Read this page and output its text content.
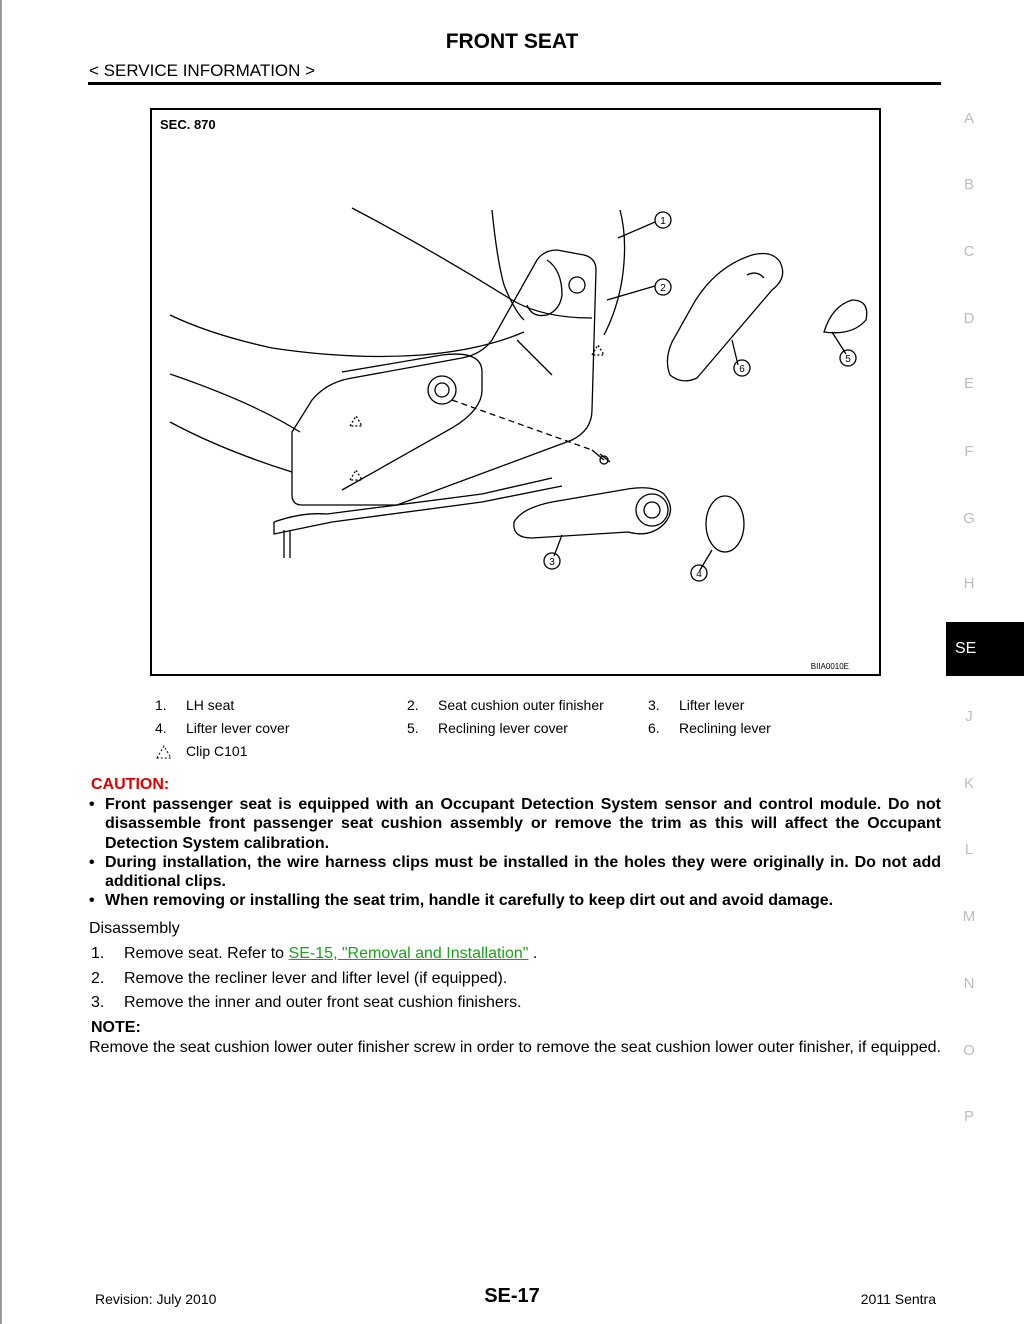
FRONT SEAT
< SERVICE INFORMATION >
A
B
C
D
E
F
G
H
J
K
L
M
N
O
P
SE
1
2
3
4
5
6
SEC. 870
BIIA0010E
1. LH seat	2. Seat cushion outer finisher	3. Lifter lever
4. Lifter lever cover	5. Reclining lever cover	6. Reclining lever
Clip C101
CAUTION:
• Front passenger seat is equipped with an Occupant Detection System sensor and control module. Do not disassemble front passenger seat cushion assembly or remove the trim as this will affect the Occupant Detection System calibration.
• During installation, the wire harness clips must be installed in the holes they were originally in. Do not add additional clips.
• When removing or installing the seat trim, handle it carefully to keep dirt out and avoid damage.
Disassembly
1. Remove seat. Refer to SE-15, "Removal and Installation" .
2. Remove the recliner lever and lifter level (if equipped).
3. Remove the inner and outer front seat cushion finishers.
NOTE:
Remove the seat cushion lower outer finisher screw in order to remove the seat cushion lower outer finisher, if equipped.
Revision: July 2010	SE-17	2011 Sentra
